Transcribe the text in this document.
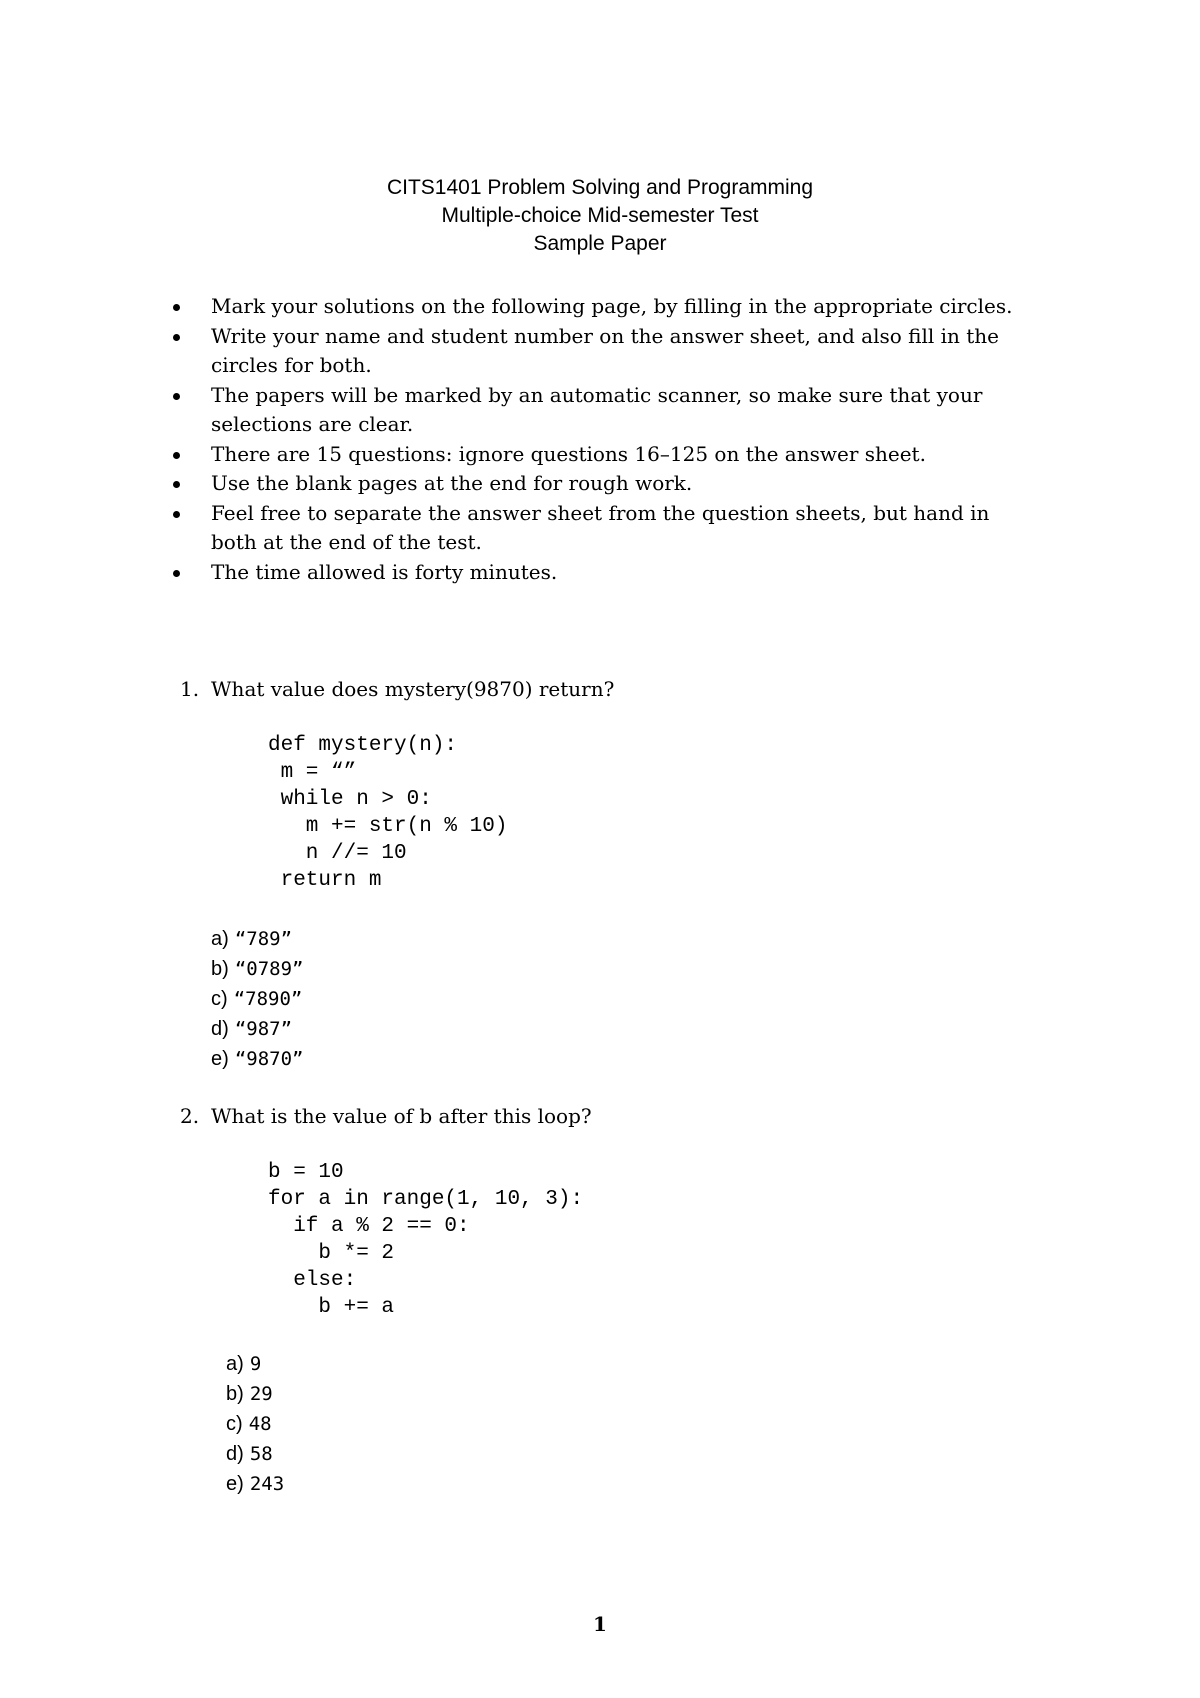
CITS1401 Problem Solving and Programming
Multiple-choice Mid-semester Test
Sample Paper
Mark your solutions on the following page, by filling in the appropriate circles.
Write your name and student number on the answer sheet, and also fill in the circles for both.
The papers will be marked by an automatic scanner, so make sure that your selections are clear.
There are 15 questions: ignore questions 16–125 on the answer sheet.
Use the blank pages at the end for rough work.
Feel free to separate the answer sheet from the question sheets, but hand in both at the end of the test.
The time allowed is forty minutes.
1. What value does mystery(9870) return?
def mystery(n):
m = “”
while n > 0:
m += str(n % 10)
n //= 10
return m
a) “789”
b) “0789”
c) “7890”
d) “987”
e) “9870”
2. What is the value of b after this loop?
b = 10
for a in range(1, 10, 3):
if a % 2 == 0:
b *= 2
else:
b += a
a) 9
b) 29
c) 48
d) 58
e) 243
1
